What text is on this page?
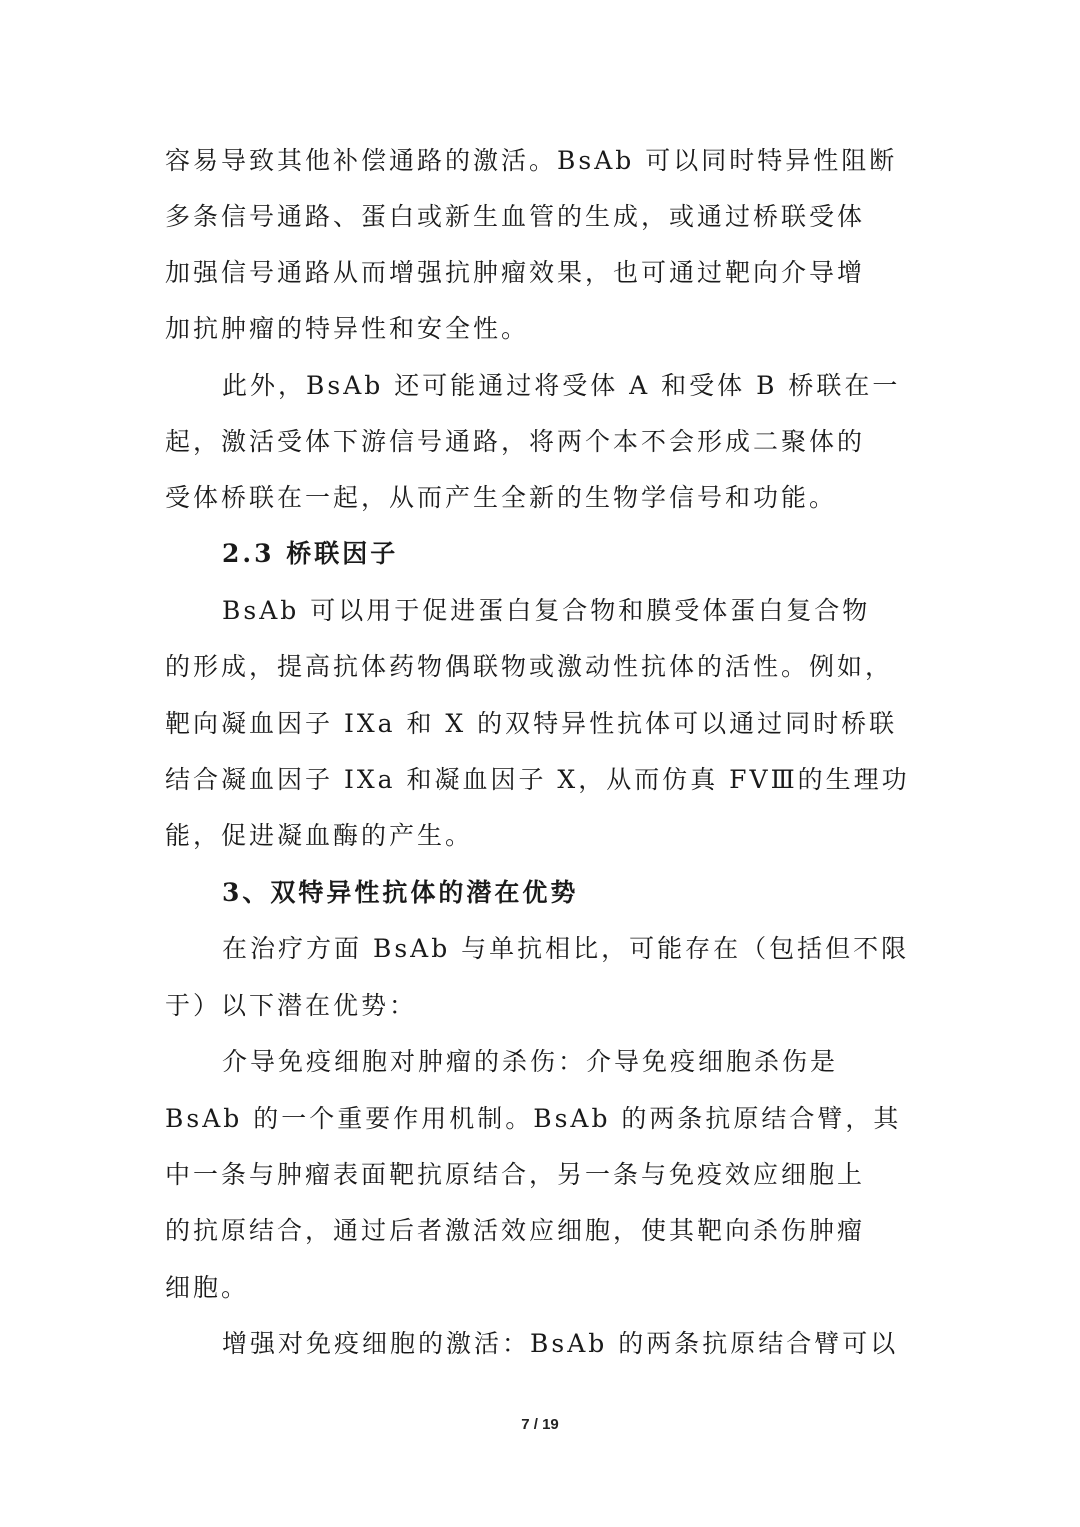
容易导致其他补偿通路的激活。BsAb 可以同时特异性阻断
多条信号通路、蛋白或新生血管的生成，或通过桥联受体
加强信号通路从而增强抗肿瘤效果，也可通过靶向介导增
加抗肿瘤的特异性和安全性。
此外，BsAb 还可能通过将受体 A 和受体 B 桥联在一
起，激活受体下游信号通路，将两个本不会形成二聚体的
受体桥联在一起，从而产生全新的生物学信号和功能。
2.3 桥联因子
BsAb 可以用于促进蛋白复合物和膜受体蛋白复合物
的形成，提高抗体药物偶联物或激动性抗体的活性。例如，
靶向凝血因子 IXa 和 X 的双特异性抗体可以通过同时桥联
结合凝血因子 IXa 和凝血因子 X，从而仿真 FVⅢ的生理功
能，促进凝血酶的产生。
3、双特异性抗体的潜在优势
在治疗方面 BsAb 与单抗相比，可能存在（包括但不限
于）以下潜在优势：
介导免疫细胞对肿瘤的杀伤：介导免疫细胞杀伤是
BsAb 的一个重要作用机制。BsAb 的两条抗原结合臂，其
中一条与肿瘤表面靶抗原结合，另一条与免疫效应细胞上
的抗原结合，通过后者激活效应细胞，使其靶向杀伤肿瘤
细胞。
增强对免疫细胞的激活：BsAb 的两条抗原结合臂可以
7 / 19
